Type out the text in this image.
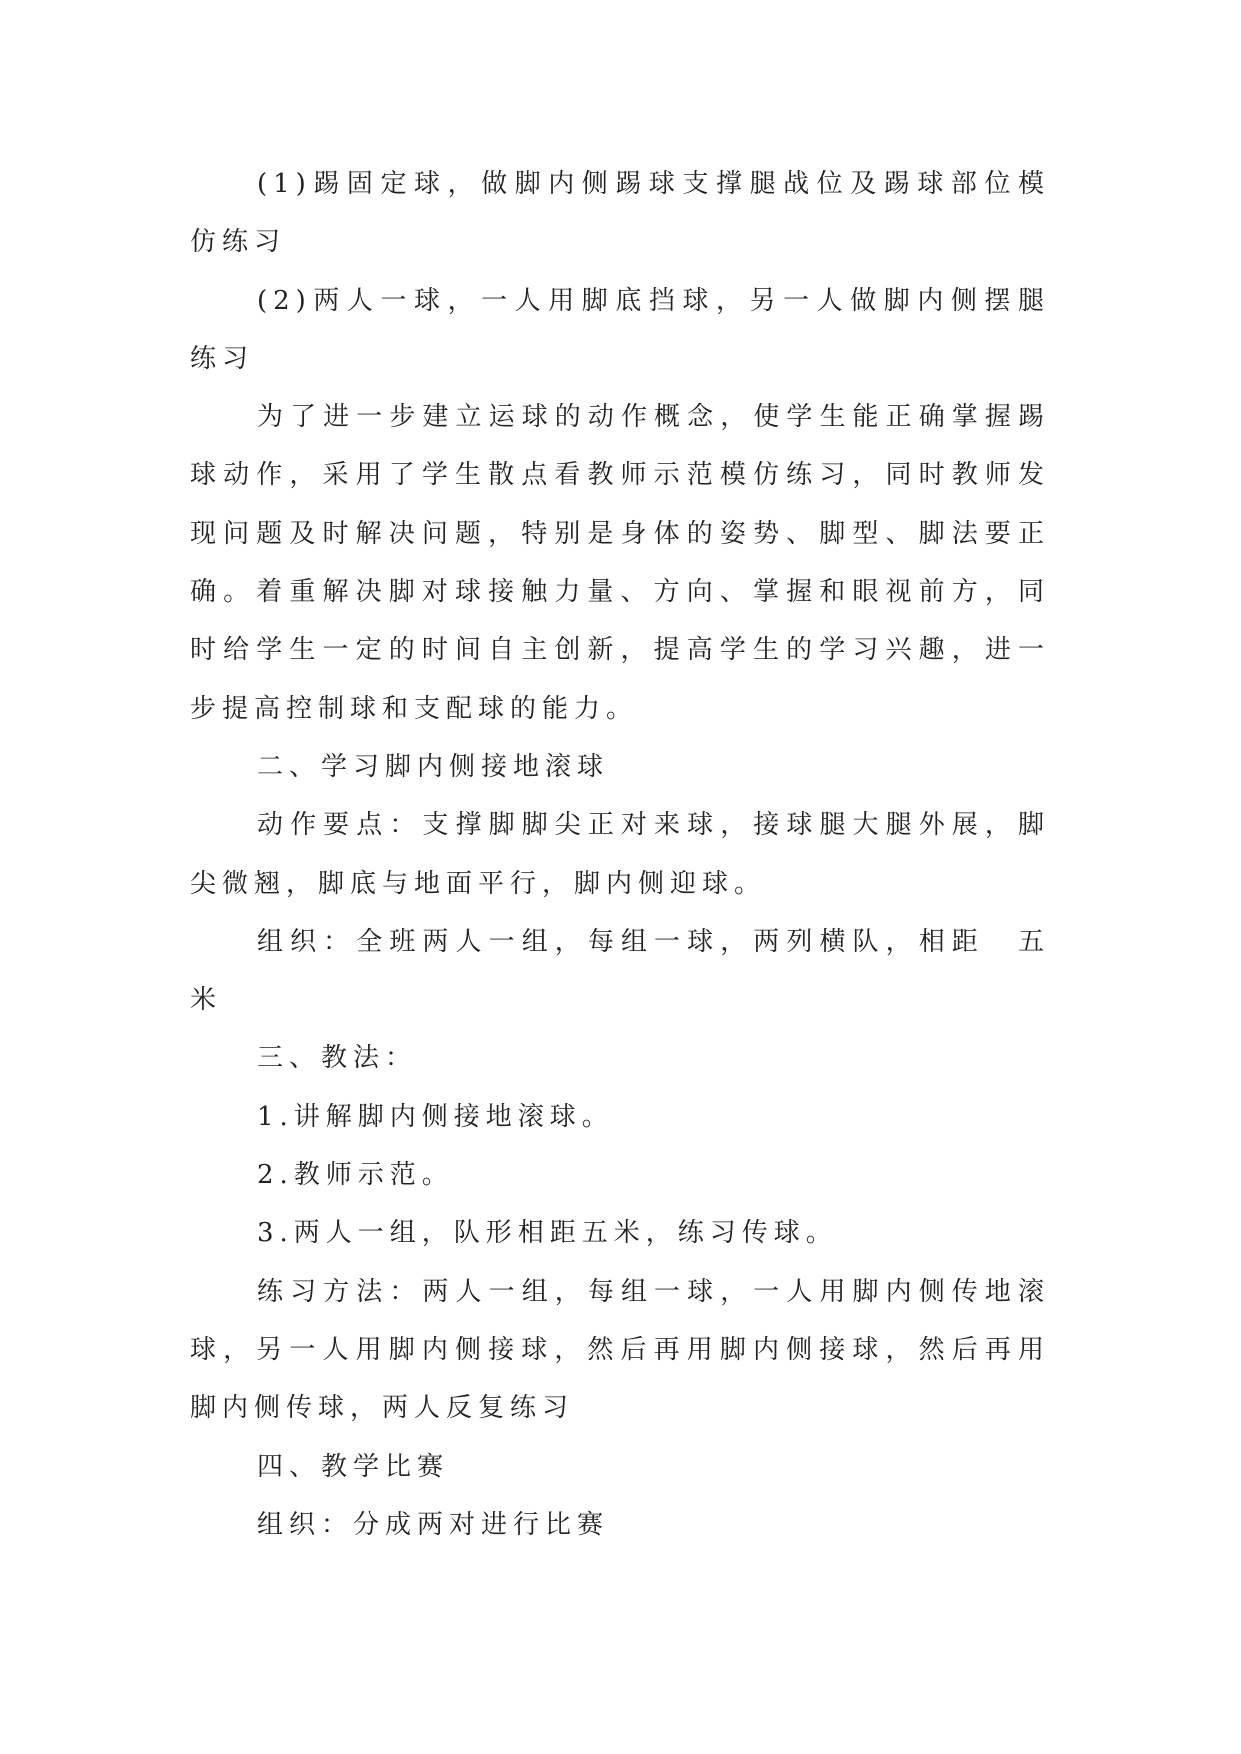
(1)踢固定球，做脚内侧踢球支撑腿战位及踢球部位模
仿练习
(2)两人一球，一人用脚底挡球，另一人做脚内侧摆腿
练习
为了进一步建立运球的动作概念，使学生能正确掌握踢
球动作，采用了学生散点看教师示范模仿练习，同时教师发
现问题及时解决问题，特别是身体的姿势、脚型、脚法要正
确。着重解决脚对球接触力量、方向、掌握和眼视前方，同
时给学生一定的时间自主创新，提高学生的学习兴趣，进一
步提高控制球和支配球的能力。
二、学习脚内侧接地滚球
动作要点：支撑脚脚尖正对来球，接球腿大腿外展，脚
尖微翘，脚底与地面平行，脚内侧迎球。
组织：全班两人一组，每组一球，两列横队，相距　五
米
三、教法：
1.讲解脚内侧接地滚球。
2.教师示范。
3.两人一组，队形相距五米，练习传球。
练习方法：两人一组，每组一球，一人用脚内侧传地滚
球，另一人用脚内侧接球，然后再用脚内侧接球，然后再用
脚内侧传球，两人反复练习
四、教学比赛
组织：分成两对进行比赛
